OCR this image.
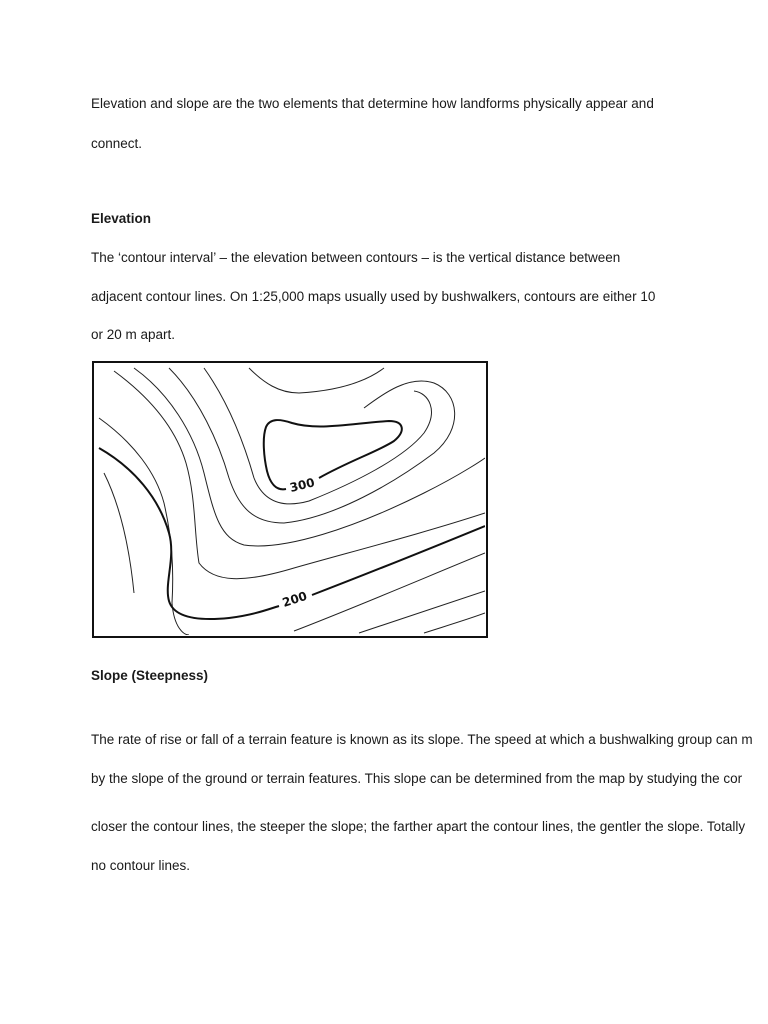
Elevation and slope are the two elements that determine how landforms physically appear and
connect.
Elevation
The ‘contour interval’ – the elevation between contours – is the vertical distance between
adjacent contour lines. On 1:25,000 maps usually used by bushwalkers, contours are either 10
or 20 m apart.
300
200
Slope (Steepness)
The rate of rise or fall of a terrain feature is known as its slope. The speed at which a bushwalking group can m
by the slope of the ground or terrain features. This slope can be determined from the map by studying the cor
closer the contour lines, the steeper the slope; the farther apart the contour lines, the gentler the slope. Totally
no contour lines.
